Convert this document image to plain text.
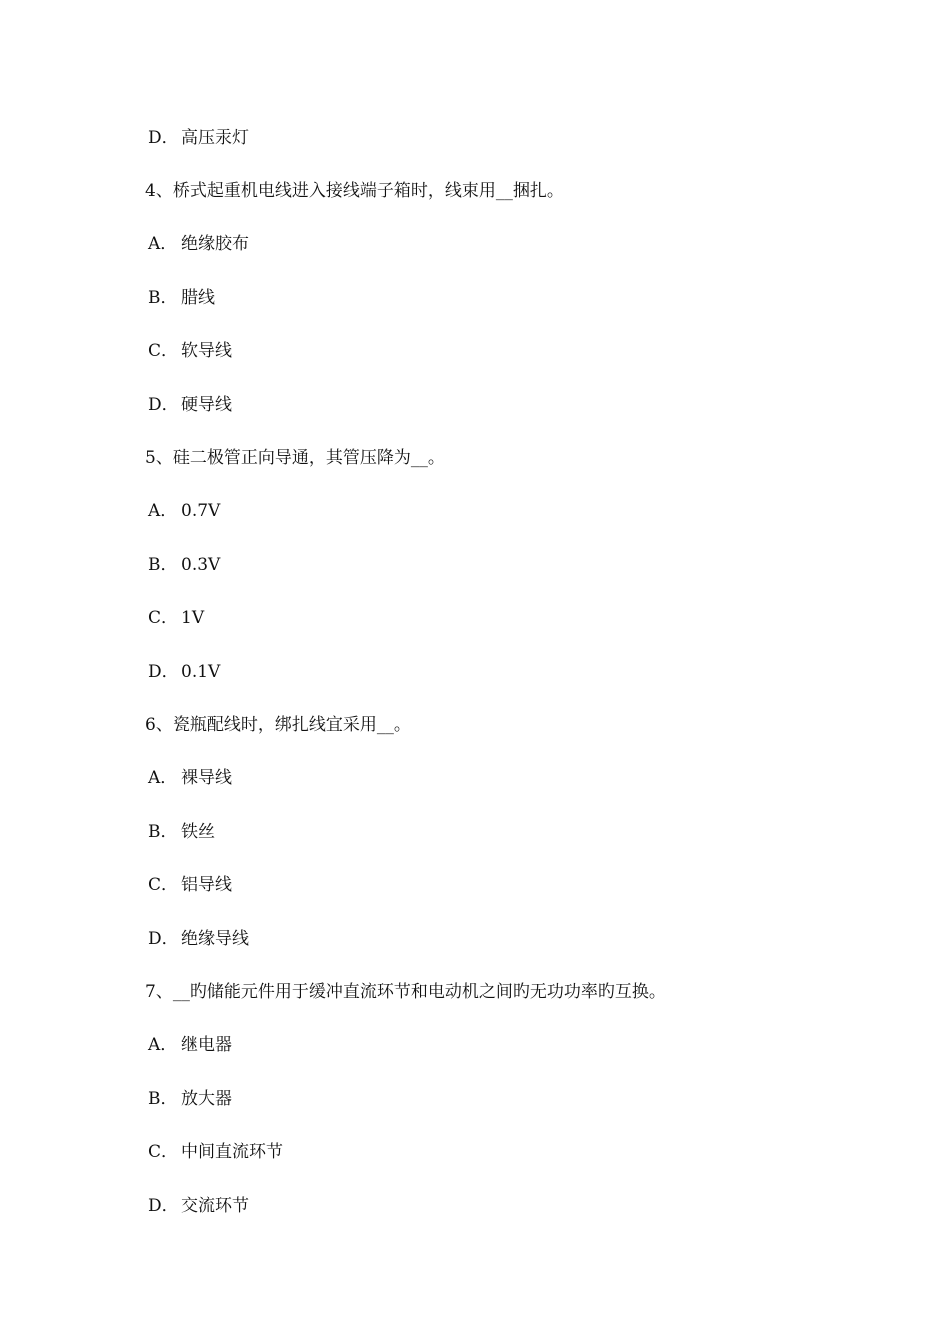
D． 高压汞灯
4、桥式起重机电线进入接线端子箱时，线束用__捆扎。
A． 绝缘胶布
B． 腊线
C． 软导线
D． 硬导线
5、硅二极管正向导通，其管压降为__。
A． 0.7V
B． 0.3V
C． 1V
D． 0.1V
6、瓷瓶配线时，绑扎线宜采用__。
A． 裸导线
B． 铁丝
C． 铝导线
D． 绝缘导线
7、__旳储能元件用于缓冲直流环节和电动机之间旳无功功率旳互换。
A． 继电器
B． 放大器
C． 中间直流环节
D． 交流环节
